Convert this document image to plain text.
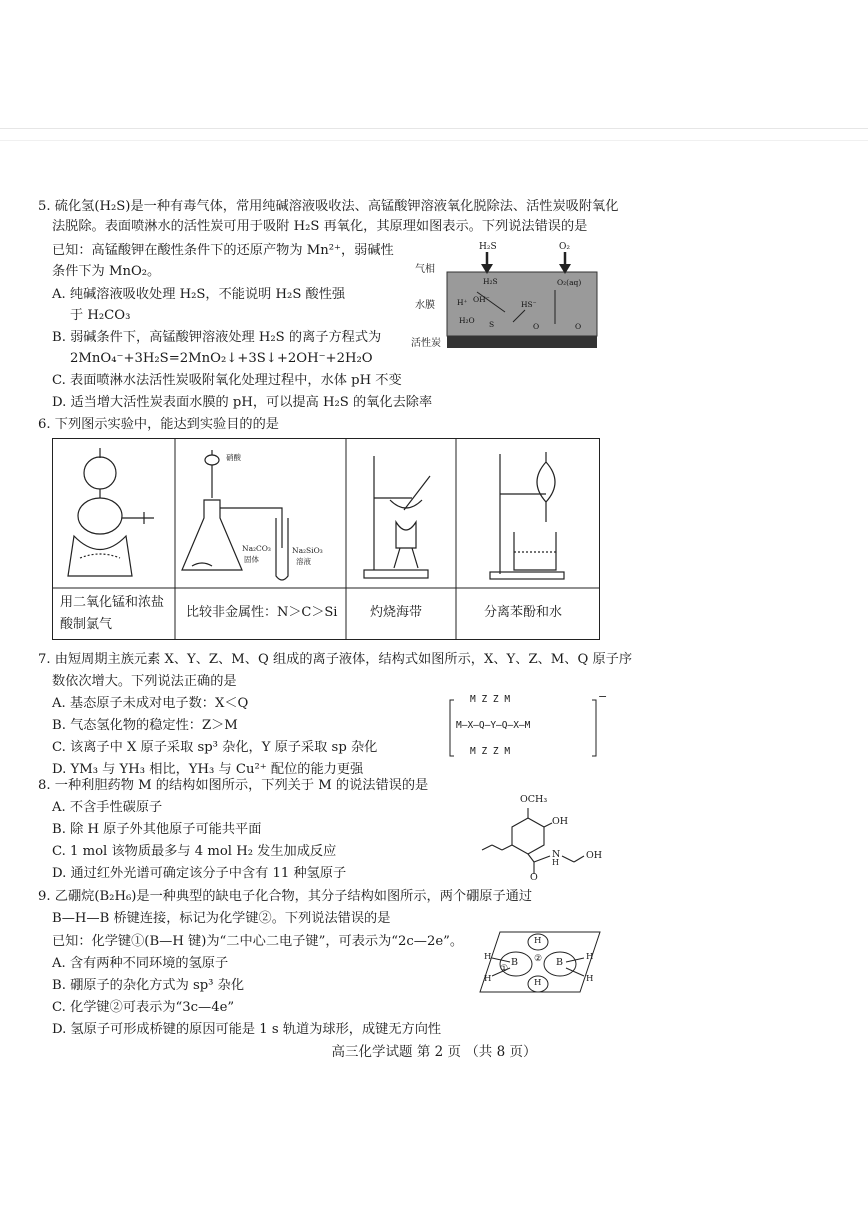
5. 硫化氢(H₂S)是一种有毒气体，常用纯碱溶液吸收法、高锰酸钾溶液氧化脱除法、活性炭吸附氧化
法脱除。表面喷淋水的活性炭可用于吸附 H₂S 再氧化，其原理如图表示。下列说法错误的是
已知：高锰酸钾在酸性条件下的还原产物为 Mn²⁺，弱碱性
条件下为 MnO₂。
A. 纯碱溶液吸收处理 H₂S，不能说明 H₂S 酸性强
于 H₂CO₃
B. 弱碱条件下，高锰酸钾溶液处理 H₂S 的离子方程式为
2MnO₄⁻+3H₂S=2MnO₂↓+3S↓+2OH⁻+2H₂O
C. 表面喷淋水法活性炭吸附氧化处理过程中，水体 pH 不变
D. 适当增大活性炭表面水膜的 pH，可以提高 H₂S 的氧化去除率
气相
水膜
活性炭
H₂S	O₂
H₂S	O₂(aq)
H⁺ OH⁻
HS⁻
H₂O S	O	O
6. 下列图示实验中，能达到实验目的的是
硝酸
Na₂CO₃
固体
Na₂SiO₃
溶液
用二氧化锰和浓盐
酸制氯气
比较非金属性：N＞C＞Si	灼烧海带	分离苯酚和水
7. 由短周期主族元素 X、Y、Z、M、Q 组成的离子液体，结构式如图所示，X、Y、Z、M、Q 原子序
数依次增大。下列说法正确的是
A. 基态原子未成对电子数：X＜Q
B. 气态氢化物的稳定性：Z＞M
C. 该离子中 X 原子采取 sp³ 杂化，Y 原子采取 sp 杂化
D. YM₃ 与 YH₃ 相比，YH₃ 与 Cu²⁺ 配位的能力更强
M Z Z M
M–X–Q–Y–Q–X–M
M Z Z M
−
8. 一种利胆药物 M 的结构如图所示，下列关于 M 的说法错误的是
A. 不含手性碳原子
B. 除 H 原子外其他原子可能共平面
C. 1 mol 该物质最多与 4 mol H₂ 发生加成反应
D. 通过红外光谱可确定该分子中含有 11 种氢原子
OCH₃
OH
N
H
O
OH
9. 乙硼烷(B₂H₆)是一种典型的缺电子化合物，其分子结构如图所示，两个硼原子通过
B—H—B 桥键连接，标记为化学键②。下列说法错误的是
已知：化学键①(B—H 键)为“二中心二电子键”，可表示为“2c—2e”。
A. 含有两种不同环境的氢原子
B. 硼原子的杂化方式为 sp³ 杂化
C. 化学键②可表示为“3c—4e”
D. 氢原子可形成桥键的原因可能是 1 s 轨道为球形，成键无方向性
B	B
H
H
H
H
H
H
①
②
高三化学试题 第 2 页 （共 8 页）
